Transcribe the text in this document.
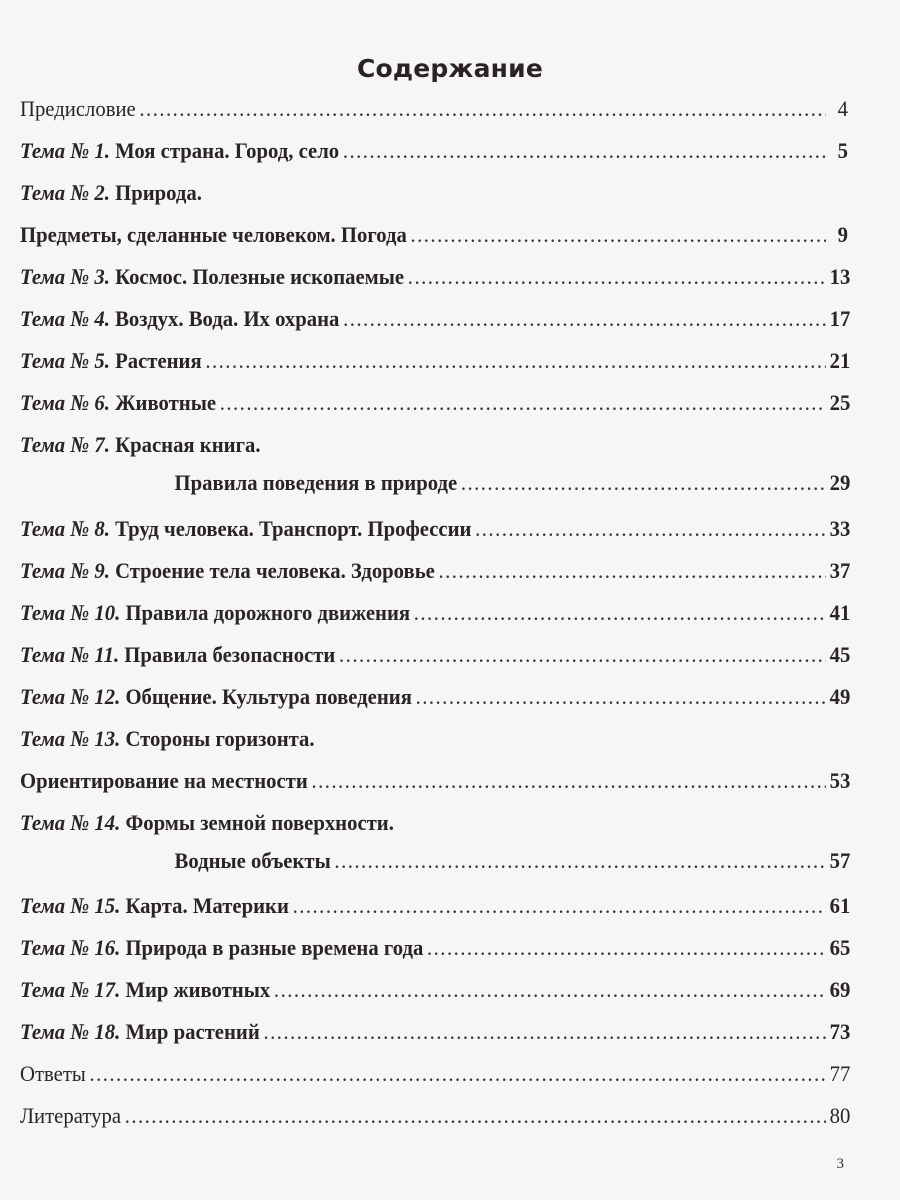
Содержание
Предисловие .....	4
Тема № 1. Моя страна. Город, село .....	5
Тема № 2. Природа.
Предметы, сделанные человеком. Погода .....	9
Тема № 3. Космос. Полезные ископаемые .....	13
Тема № 4. Воздух. Вода. Их охрана .....	17
Тема № 5. Растения .....	21
Тема № 6. Животные .....	25
Тема № 7. Красная книга.
Правила поведения в природе .....	29
Тема № 8. Труд человека. Транспорт. Профессии .....	33
Тема № 9. Строение тела человека. Здоровье .....	37
Тема № 10. Правила дорожного движения .....	41
Тема № 11. Правила безопасности .....	45
Тема № 12. Общение. Культура поведения .....	49
Тема № 13. Стороны горизонта.
Ориентирование на местности .....	53
Тема № 14. Формы земной поверхности.
Водные объекты .....	57
Тема № 15. Карта. Материки .....	61
Тема № 16. Природа в разные времена года .....	65
Тема № 17. Мир животных .....	69
Тема № 18. Мир растений .....	73
Ответы .....	77
Литература .....	80
3
